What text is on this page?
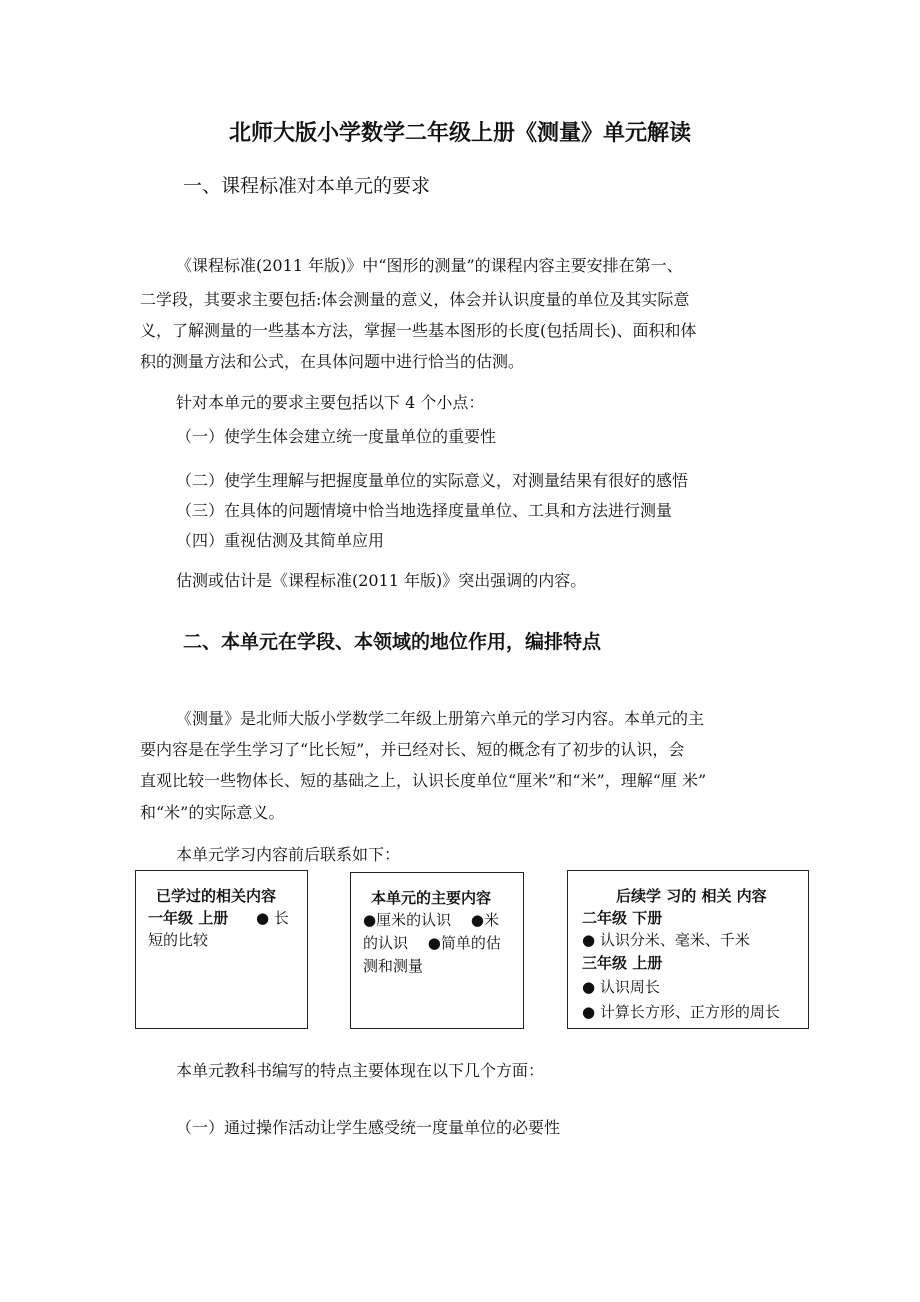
北师大版小学数学二年级上册《测量》单元解读
一、课程标准对本单元的要求
《课程标准(2011 年版)》中“图形的测量”的课程内容主要安排在第一、
二学段，其要求主要包括:体会测量的意义，体会并认识度量的单位及其实际意
义，了解测量的一些基本方法，掌握一些基本图形的长度(包括周长)、面积和体
积的测量方法和公式，在具体问题中进行恰当的估测。
针对本单元的要求主要包括以下 4 个小点：
（一）使学生体会建立统一度量单位的重要性
（二）使学生理解与把握度量单位的实际意义，对测量结果有很好的感悟
（三）在具体的问题情境中恰当地选择度量单位、工具和方法进行测量
（四）重视估测及其简单应用
估测或估计是《课程标准(2011 年版)》突出强调的内容。
二、本单元在学段、本领域的地位作用，编排特点
《测量》是北师大版小学数学二年级上册第六单元的学习内容。本单元的主
要内容是在学生学习了“比长短”，并已经对长、短的概念有了初步的认识，会
直观比较一些物体长、短的基础之上，认识长度单位“厘米”和“米”，理解“厘 米”
和“米”的实际意义。
本单元学习内容前后联系如下：
已学过的相关内容
一年级 上册 ● 长
短的比较
本单元的主要内容
●厘米的认识　 ●米
的认识　 ●简单的估
测和测量
后续学 习的 相关 内容
二年级 下册
● 认识分米、毫米、千米
三年级 上册
● 认识周长
● 计算长方形、正方形的周长
本单元教科书编写的特点主要体现在以下几个方面：
（一）通过操作活动让学生感受统一度量单位的必要性
